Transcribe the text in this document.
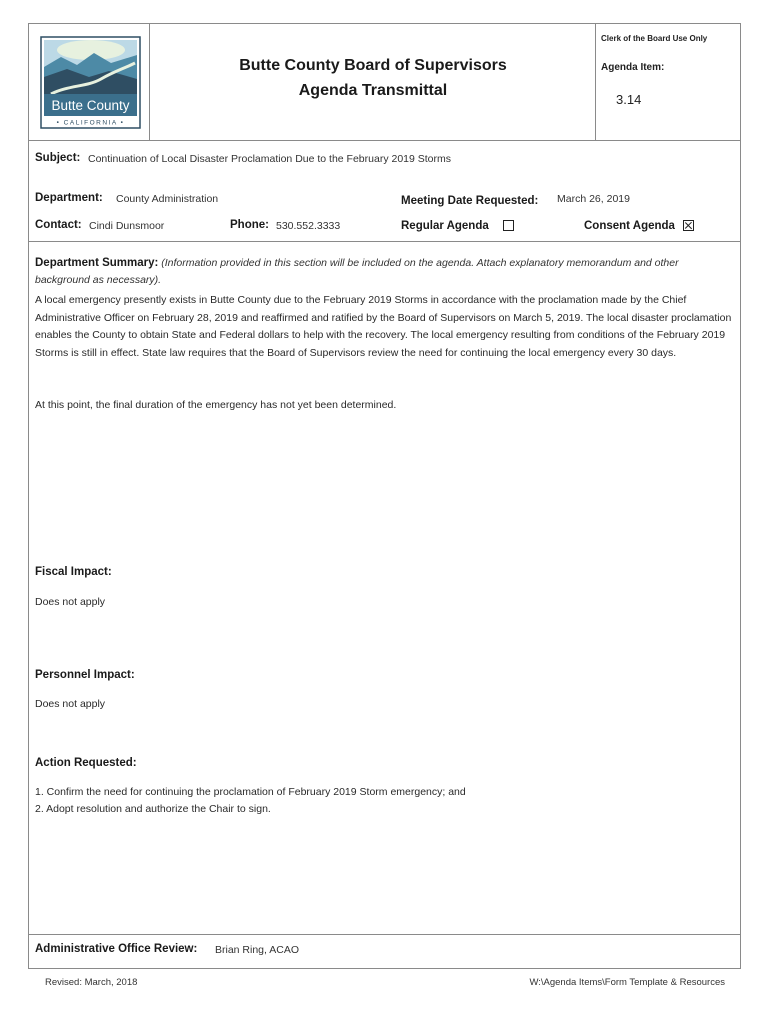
Butte County
• CALIFORNIA •
Butte County Board of Supervisors
Agenda Transmittal
Clerk of the Board Use Only
Agenda Item:
3.14
Subject: Continuation of Local Disaster Proclamation Due to the February 2019 Storms
Department: County Administration	Meeting Date Requested: March 26, 2019
Contact: Cindi Dunsmoor	Phone: 530.552.3333	Regular Agenda	Consent Agenda
Department Summary: (Information provided in this section will be included on the agenda. Attach explanatory memorandum and other background as necessary).
A local emergency presently exists in Butte County due to the February 2019 Storms in accordance with the proclamation made by the Chief Administrative Officer on February 28, 2019 and reaffirmed and ratified by the Board of Supervisors on March 5, 2019. The local disaster proclamation enables the County to obtain State and Federal dollars to help with the recovery. The local emergency resulting from conditions of the February 2019 Storms is still in effect. State law requires that the Board of Supervisors review the need for continuing the local emergency every 30 days.
At this point, the final duration of the emergency has not yet been determined.
Fiscal Impact:
Does not apply
Personnel Impact:
Does not apply
Action Requested:
1. Confirm the need for continuing the proclamation of February 2019 Storm emergency; and
2. Adopt resolution and authorize the Chair to sign.
Administrative Office Review: Brian Ring, ACAO
Revised: March, 2018	W:\Agenda Items\Form Template & Resources
